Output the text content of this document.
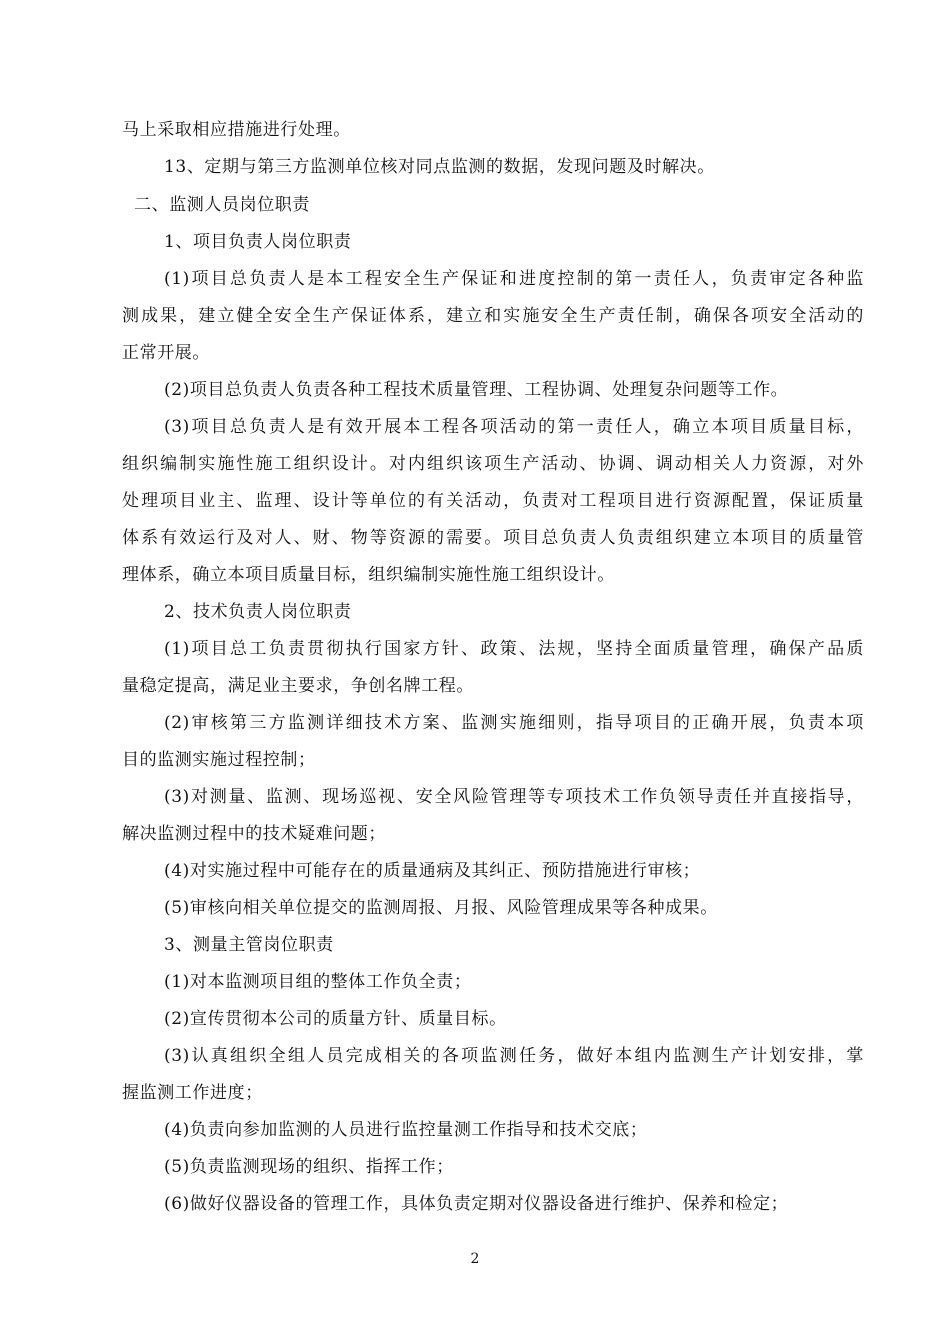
马上采取相应措施进行处理。
13、定期与第三方监测单位核对同点监测的数据，发现问题及时解决。
二、监测人员岗位职责
1、项目负责人岗位职责
(1)项目总负责人是本工程安全生产保证和进度控制的第一责任人，负责审定各种监
测成果，建立健全安全生产保证体系，建立和实施安全生产责任制，确保各项安全活动的
正常开展。
(2)项目总负责人负责各种工程技术质量管理、工程协调、处理复杂问题等工作。
(3)项目总负责人是有效开展本工程各项活动的第一责任人，确立本项目质量目标，
组织编制实施性施工组织设计。对内组织该项生产活动、协调、调动相关人力资源，对外
处理项目业主、监理、设计等单位的有关活动，负责对工程项目进行资源配置，保证质量
体系有效运行及对人、财、物等资源的需要。项目总负责人负责组织建立本项目的质量管
理体系，确立本项目质量目标，组织编制实施性施工组织设计。
2、技术负责人岗位职责
(1)项目总工负责贯彻执行国家方针、政策、法规，坚持全面质量管理，确保产品质
量稳定提高，满足业主要求，争创名牌工程。
(2)审核第三方监测详细技术方案、监测实施细则，指导项目的正确开展，负责本项
目的监测实施过程控制；
(3)对测量、监测、现场巡视、安全风险管理等专项技术工作负领导责任并直接指导，
解决监测过程中的技术疑难问题；
(4)对实施过程中可能存在的质量通病及其纠正、预防措施进行审核；
(5)审核向相关单位提交的监测周报、月报、风险管理成果等各种成果。
3、测量主管岗位职责
(1)对本监测项目组的整体工作负全责；
(2)宣传贯彻本公司的质量方针、质量目标。
(3)认真组织全组人员完成相关的各项监测任务，做好本组内监测生产计划安排，掌
握监测工作进度；
(4)负责向参加监测的人员进行监控量测工作指导和技术交底；
(5)负责监测现场的组织、指挥工作；
(6)做好仪器设备的管理工作，具体负责定期对仪器设备进行维护、保养和检定；
2
